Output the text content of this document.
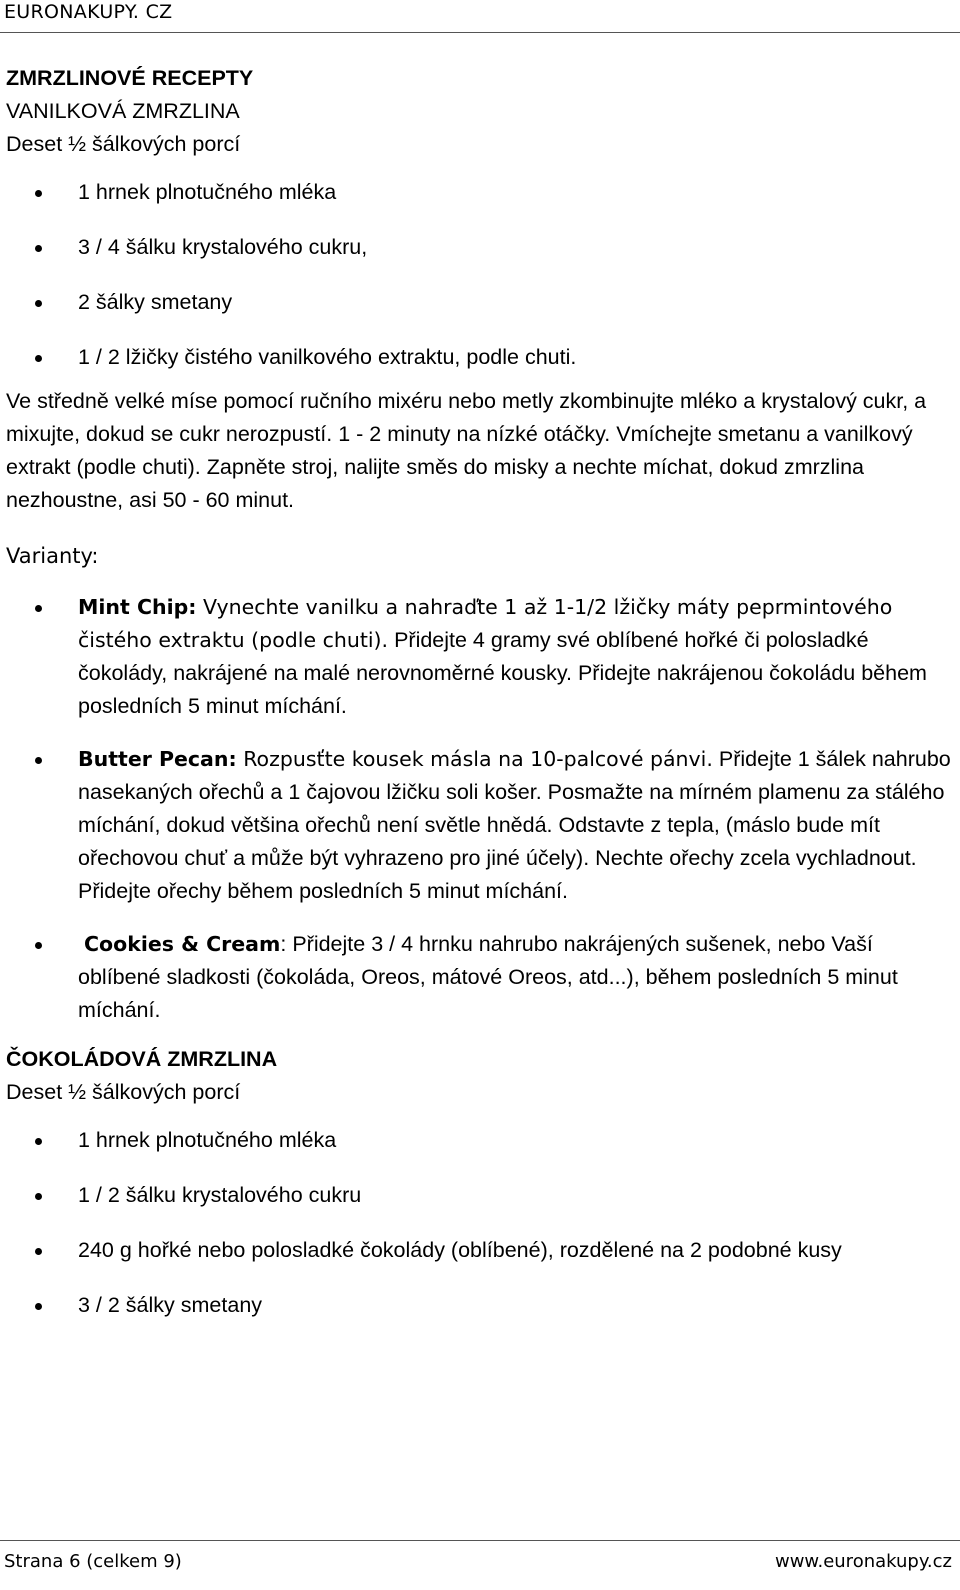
EURONAKUPY. CZ

ZMRZLINOVÉ RECEPTY

VANILKOVÁ ZMRZLINA

Deset ½ šálkových porcí

1 hrnek plnotučného mléka
3 / 4 šálku krystalového cukru,
2 šálky smetany
1 / 2 lžičky čistého vanilkového extraktu, podle chuti.

Ve středně velké míse pomocí ručního mixéru nebo metly zkombinujte mléko a krystalový cukr, a mixujte, dokud se cukr nerozpustí. 1 - 2 minuty na nízké otáčky. Vmíchejte smetanu a vanilkový extrakt (podle chuti). Zapněte stroj, nalijte směs do misky a nechte míchat, dokud zmrzlina nezhoustne, asi 50 - 60 minut.

Varianty:

Mint Chip: Vynechte vanilku a nahraďte 1 až 1-1/2 lžičky máty peprmintového čistého extraktu (podle chuti). Přidejte 4 gramy své oblíbené hořké či polosladké čokolády, nakrájené na malé nerovnoměrné kousky. Přidejte nakrájenou čokoládu během posledních 5 minut míchání.
Butter Pecan: Rozpusťte kousek másla na 10-palcové pánvi. Přidejte 1 šálek nahrubo nasekaných ořechů a 1 čajovou lžičku soli košer. Posmažte na mírném plamenu za stálého míchání, dokud většina ořechů není světle hnědá. Odstavte z tepla, (máslo bude mít ořechovou chuť a může být vyhrazeno pro jiné účely). Nechte ořechy zcela vychladnout. Přidejte ořechy během posledních 5 minut míchání.
Cookies & Cream: Přidejte 3 / 4 hrnku nahrubo nakrájených sušenek, nebo Vaší oblíbené sladkosti (čokoláda, Oreos, mátové Oreos, atd...), během posledních 5 minut míchání.

ČOKOLÁDOVÁ ZMRZLINA

Deset ½ šálkových porcí

1 hrnek plnotučného mléka
1 / 2 šálku krystalového cukru
240 g hořké nebo polosladké čokolády (oblíbené), rozdělené na 2 podobné kusy
3 / 2 šálky smetany
Strana 6 (celkem 9)	www.euronakupy.cz
